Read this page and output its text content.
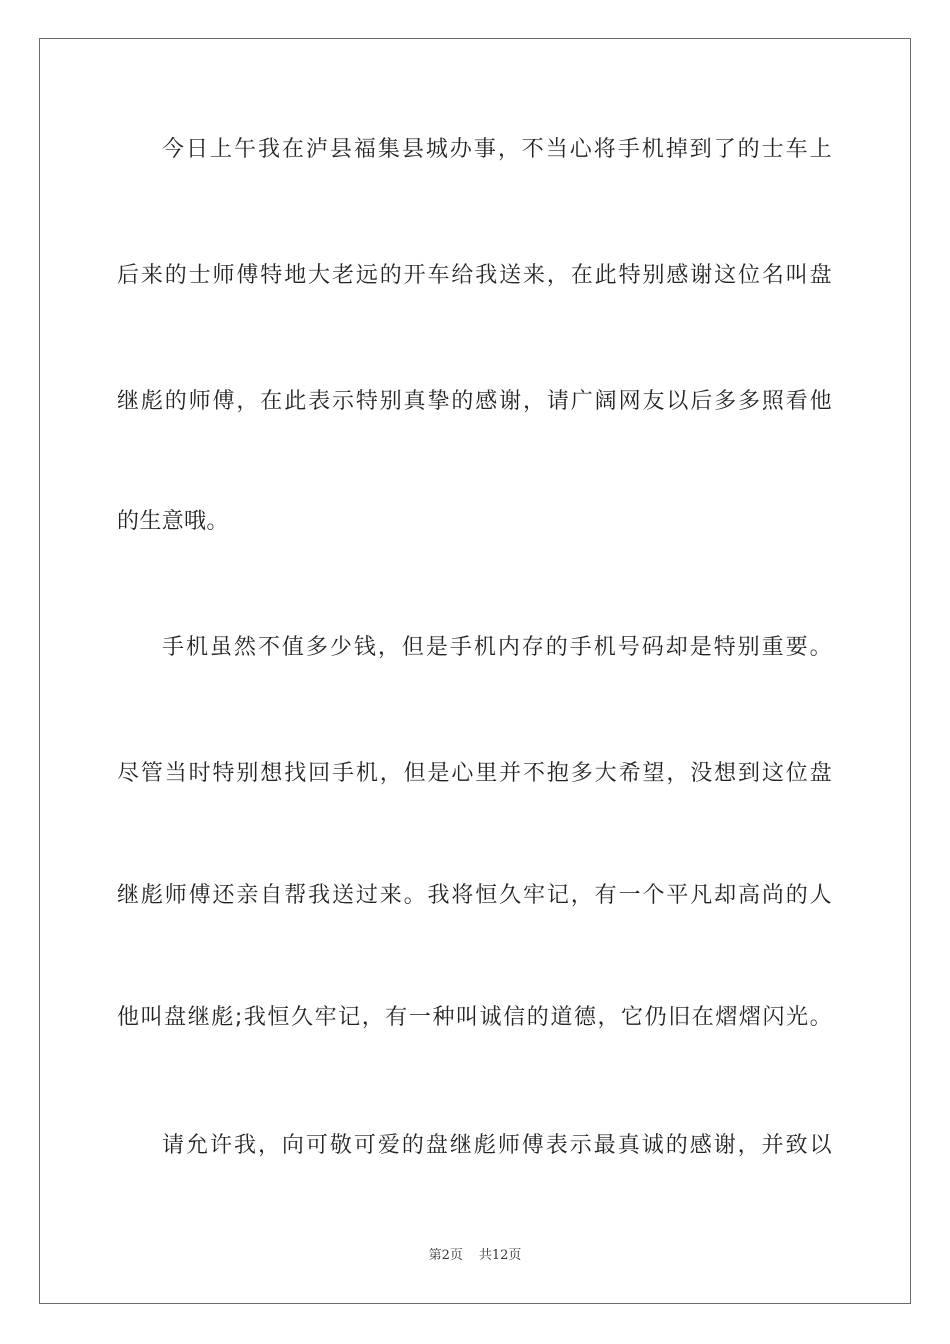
今日上午我在泸县福集县城办事，不当心将手机掉到了的士车上
后来的士师傅特地大老远的开车给我送来，在此特别感谢这位名叫盘
继彪的师傅，在此表示特别真挚的感谢，请广阔网友以后多多照看他
的生意哦。
手机虽然不值多少钱，但是手机内存的手机号码却是特别重要。
尽管当时特别想找回手机，但是心里并不抱多大希望，没想到这位盘
继彪师傅还亲自帮我送过来。我将恒久牢记，有一个平凡却高尚的人
他叫盘继彪;我恒久牢记，有一种叫诚信的道德，它仍旧在熠熠闪光。
请允许我，向可敬可爱的盘继彪师傅表示最真诚的感谢，并致以
第2页 共12页
